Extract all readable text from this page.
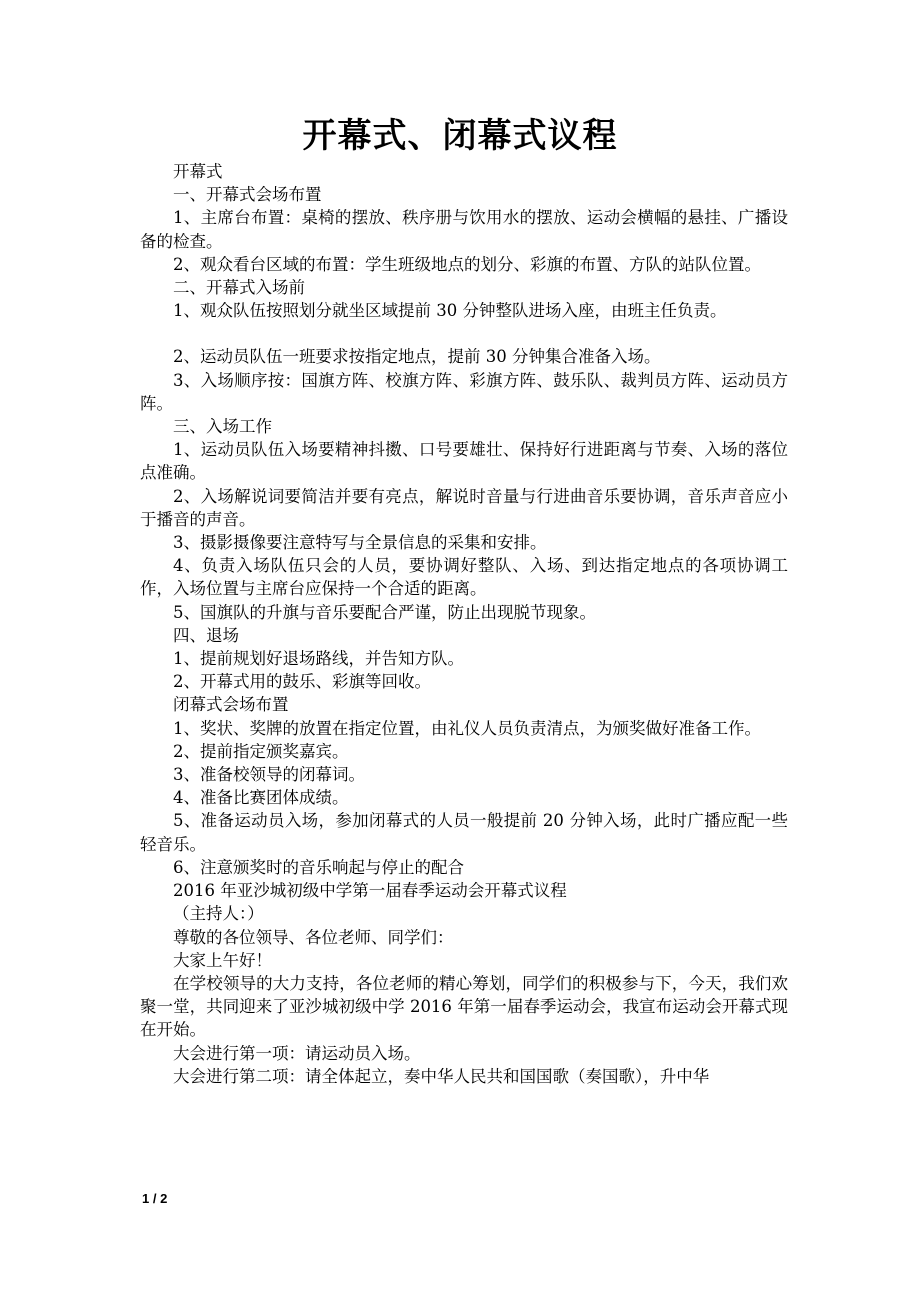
开幕式、闭幕式议程

开幕式

一、开幕式会场布置

1、主席台布置：桌椅的摆放、秩序册与饮用水的摆放、运动会横幅的悬挂、广播设备的检查。

2、观众看台区域的布置：学生班级地点的划分、彩旗的布置、方队的站队位置。

二、开幕式入场前

1、观众队伍按照划分就坐区域提前 30 分钟整队进场入座，由班主任负责。

2、运动员队伍一班要求按指定地点，提前 30 分钟集合准备入场。

3、入场顺序按：国旗方阵、校旗方阵、彩旗方阵、鼓乐队、裁判员方阵、运动员方阵。

三、入场工作

1、运动员队伍入场要精神抖擞、口号要雄壮、保持好行进距离与节奏、入场的落位点准确。

2、入场解说词要简洁并要有亮点，解说时音量与行进曲音乐要协调，音乐声音应小于播音的声音。

3、摄影摄像要注意特写与全景信息的采集和安排。

4、负责入场队伍只会的人员，要协调好整队、入场、到达指定地点的各项协调工作，入场位置与主席台应保持一个合适的距离。

5、国旗队的升旗与音乐要配合严谨，防止出现脱节现象。

四、退场

1、提前规划好退场路线，并告知方队。

2、开幕式用的鼓乐、彩旗等回收。

闭幕式会场布置

1、奖状、奖牌的放置在指定位置，由礼仪人员负责清点，为颁奖做好准备工作。

2、提前指定颁奖嘉宾。

3、准备校领导的闭幕词。

4、准备比赛团体成绩。

5、准备运动员入场，参加闭幕式的人员一般提前 20 分钟入场，此时广播应配一些轻音乐。

6、注意颁奖时的音乐响起与停止的配合

2016 年亚沙城初级中学第一届春季运动会开幕式议程

（主持人：）

尊敬的各位领导、各位老师、同学们：

大家上午好！

在学校领导的大力支持，各位老师的精心筹划，同学们的积极参与下，今天，我们欢聚一堂，共同迎来了亚沙城初级中学 2016 年第一届春季运动会，我宣布运动会开幕式现在开始。

大会进行第一项：请运动员入场。

大会进行第二项：请全体起立，奏中华人民共和国国歌（奏国歌），升中华

1 / 2
